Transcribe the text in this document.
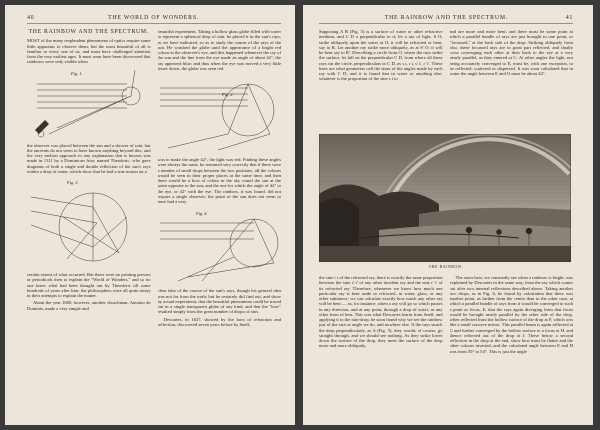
40	THE WORLD OF WONDERS.
THE RAINBOW AND THE SPECTRUM.

MOST of the many resplendent phenomena of optics require some little apparatus to observe them; but the most beautiful of all is familiar to every one of us, and must have challenged attention from the very earliest ages. It must soon have been discovered that rainbows were only visible when

Fig. 1.

the observer was placed between the sun and a shower of rain, but the ancients do not seem to have known anything beyond this; and the very earliest approach to any explanation that is known was made in 1311 by a Dominican friar, named Theodoric, who gave diagrams of both a single and double reflection of the sun's rays within a drop of water, which show that he had a true notion on a

Fig. 3.

certain extent of what occurred. But there were no printing presses or periodicals then to explain the "World of Wonders," and so no one knew what had been thought out by Theodoric till some hundreds of years after him; the philosophers were all quite astray in their attempts to explain the matter.

About the year 1600, however, another churchman, Antonio de Dominis, made a very simple and

beautiful experiment. Taking a hollow glass globe filled with water to represent a spherical drop of rain, he placed it in the sun's rays, as we have indicated, so as to study the course of the rays of the sun. He watched the globe until the appearance of a bright red colour at the observer's eye, and this happened whenever the ray of the sun and the line from the eye made an angle of about 42°, the ray appeared blue; and thus when the eye was moved a very little lower down, the globe was seen red.

Fig. 2.

was to make the angle 42°, the light was red. Finding these angles were always the same, he reasoned very correctly that if there were a number of small drops between the two positions, all the colours would be seen in their proper places at the same time, and then there would be a bow of colour in the sky round the sun at the point opposite to the sun; and the one for which the angle of 42° to the eye, or 42° with the eye. The rainbow, it was found, did not require a single observer; the point of the sun does not seem to have had a very

Fig. 4.

clear idea of the course of the sun's rays, though his general idea was not far from the truth; but he certainly did find out, and show by actual experiment, that the beautiful phenomena could be traced out in a single transparent globe of any kind, and that the "bow" resulted simply from the great number of drops of rain.

Descartes, in 1637, showed by the laws of refraction and reflection, discovered seven years before by Snell,

THE RAINBOW AND THE SPECTRUM.	41

Supposing A B (Fig. 5) is a surface of water or other refractive medium, and C D a perpendicular to it; let a ray of light, S O, strike obliquely upon the water at O; it will be refracted or bent, say to R. Let another ray strike more obliquely, as at S' O; it will be bent say to R'. Describing a circle from O, where the rays strike the surface, let fall on the perpendicular C D, from where all these rays cut the circle, perpendiculars to C D, as s t, r t, s' t', r' t'. These lines are what geometers call the sines of the angles made by each ray with C D; and it is found that in water or anything else, whatever is the proportion of the sine s t to

and are more and more bent; and there must be some point at which a parallel bundle of rays are just brought to one point, or "focussed," at the back side of the drop. Striking obliquely from also, these focussed rays are in great part reflected, and finally cross converging each other at their back to the eye at a very nearly parallel, as they entered at C. At other angles the light, not being accurately converged to E, must be, with one exception, to be reflected, scattered or dispersed. It was soon calculated that in water the angle between E and O must be about 42°.

THE RAINBOW.

the sine r t of the refracted ray, there is exactly the same proportion between the sine s' t' of any other incident ray and the sine r' t' of its refracted ray. Therefore, whenever we know how much one particular ray is bent aside or refracted, in water, glass, or any other substance, we can calculate exactly how much any other ray will be bent — as, for instance, when a ray will go so which passes in any direction, and at any point, through a drop of water, or any other form of lens. This was what Descartes learnt from Snell; and applying it to the rain-drop, he soon found why we see the rainbow just of the size or angle we do, and nowhere else. If the rays struck the drop perpendicularly, as A (Fig. 5), they would, of course, go straight through, and we should see nothing. As they strike lower down the surface of the drop, they meet the surface of the drop more and more obliquely,

The outer bow, we constantly see when a rainbow is bright, was explained by Descartes in the same way, from the ray which comes out after two internal reflections described above. Taking another two drops, as in Fig. 6, he found by calculation that there was another point, as further from the centre than in the other case, at which a parallel bundle of rays from it would be converged to such a point as focus, E; that the rays again diverging from that focus would be brought nearly parallel by the other side of the drop, when reflected from the hollow surface of the drop at F, which acts like a small concave mirror. This parallel beam is again reflected at G and further converged by the hollow surface to a focus at H, and thence reflected out of the drop at I. These below a second reflection in the drop at the end, show how must be flatter and the other colours inverted; and the calculated angle between E and H was from 50° to 54°. This is just the angle
